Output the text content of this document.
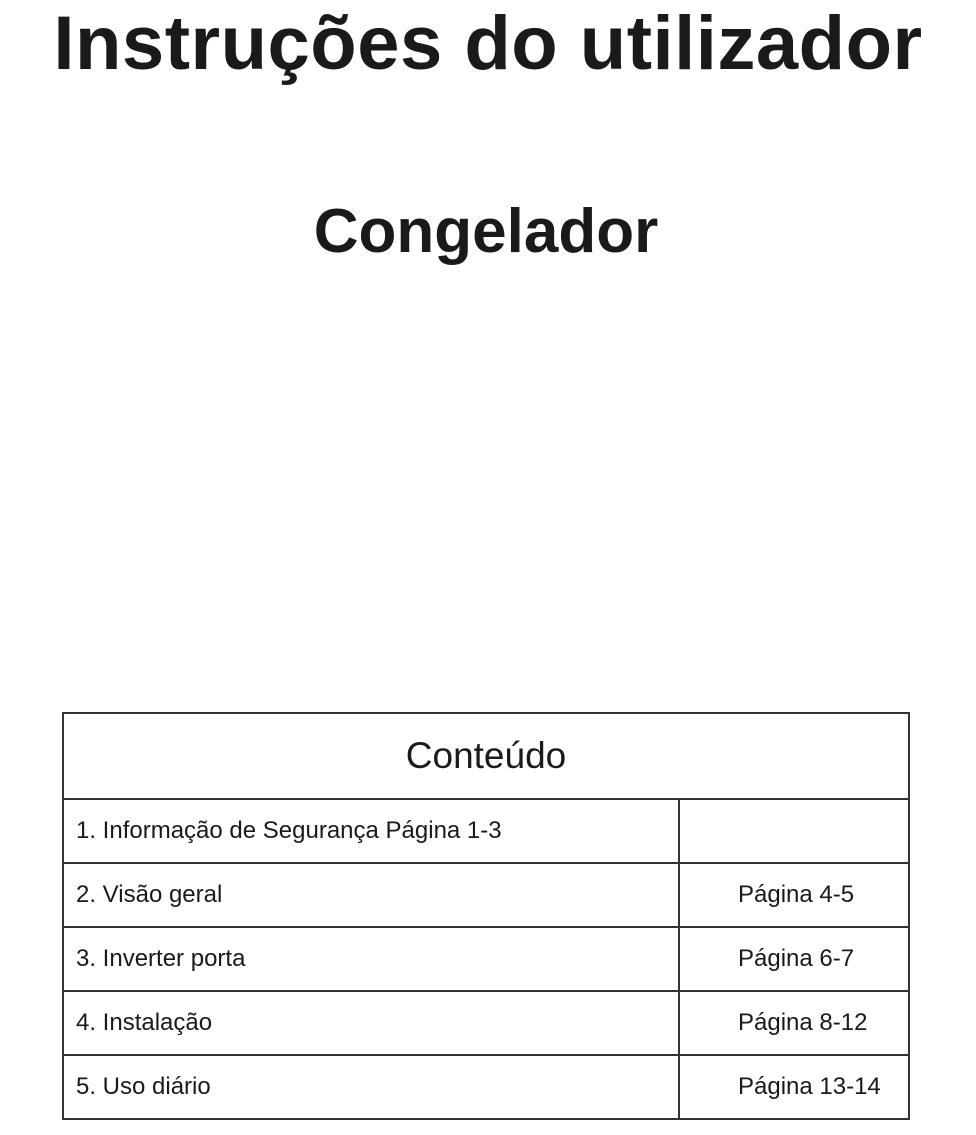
Instruções do utilizador
Congelador
Conteúdo	
1. Informação de Segurança Página 1-3	
2. Visão geral	Página 4-5
3. Inverter porta	Página 6-7
4. Instalação	Página 8-12
5. Uso diário	Página 13-14
